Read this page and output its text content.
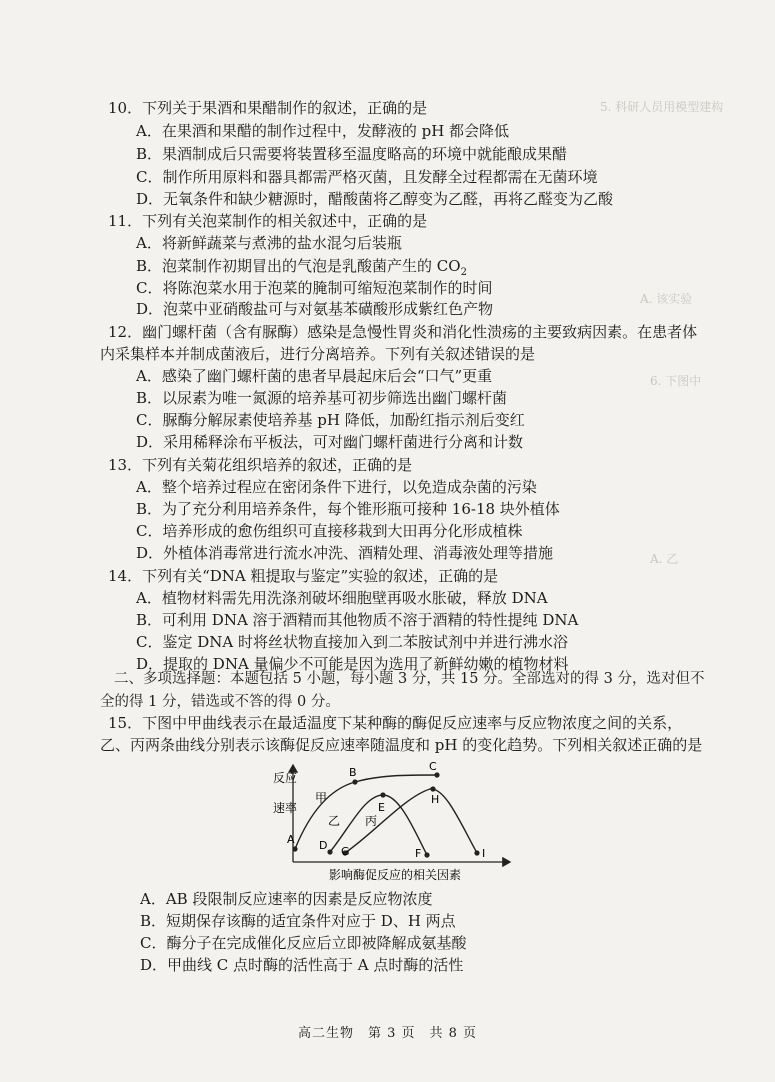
5. 科研人员用模型建构
A. 该实验
6. 下图中
A. 乙
10．下列关于果酒和果醋制作的叙述，正确的是
A．在果酒和果醋的制作过程中，发酵液的 pH 都会降低
B．果酒制成后只需要将装置移至温度略高的环境中就能酿成果醋
C．制作所用原料和器具都需严格灭菌，且发酵全过程都需在无菌环境
D．无氧条件和缺少糖源时，醋酸菌将乙醇变为乙醛，再将乙醛变为乙酸
11．下列有关泡菜制作的相关叙述中，正确的是
A．将新鲜蔬菜与煮沸的盐水混匀后装瓶
B．泡菜制作初期冒出的气泡是乳酸菌产生的 $CO_2$
C．将陈泡菜水用于泡菜的腌制可缩短泡菜制作的时间
D．泡菜中亚硝酸盐可与对氨基苯磺酸形成紫红色产物
12．幽门螺杆菌（含有脲酶）感染是急慢性胃炎和消化性溃疡的主要致病因素。在患者体内采集样本并制成菌液后，进行分离培养。下列有关叙述错误的是
A．感染了幽门螺杆菌的患者早晨起床后会“口气”更重
B．以尿素为唯一氮源的培养基可初步筛选出幽门螺杆菌
C．脲酶分解尿素使培养基 pH 降低，加酚红指示剂后变红
D．采用稀释涂布平板法，可对幽门螺杆菌进行分离和计数
13．下列有关菊花组织培养的叙述，正确的是
A．整个培养过程应在密闭条件下进行，以免造成杂菌的污染
B．为了充分利用培养条件，每个锥形瓶可接种 16-18 块外植体
C．培养形成的愈伤组织可直接移栽到大田再分化形成植株
D．外植体消毒常进行流水冲洗、酒精处理、消毒液处理等措施
14．下列有关“DNA 粗提取与鉴定”实验的叙述，正确的是
A．植物材料需先用洗涤剂破坏细胞壁再吸水胀破，释放 DNA
B．可利用 DNA 溶于酒精而其他物质不溶于酒精的特性提纯 DNA
C．鉴定 DNA 时将丝状物直接加入到二苯胺试剂中并进行沸水浴
D．提取的 DNA 量偏少不可能是因为选用了新鲜幼嫩的植物材料
二、多项选择题：本题包括 5 小题，每小题 3 分，共 15 分。全部选对的得 3 分，选对但不全的得 1 分，错选或不答的得 0 分。
15．下图中甲曲线表示在最适温度下某种酶的酶促反应速率与反应物浓度之间的关系，乙、丙两条曲线分别表示该酶促反应速率随温度和 pH 的变化趋势。下列相关叙述正确的是
反应
速率
甲
乙 丙
A
B	C
D
E
F
G
H
I
影响酶促反应的相关因素
A．AB 段限制反应速率的因素是反应物浓度
B．短期保存该酶的适宜条件对应于 D、H 两点
C．酶分子在完成催化反应后立即被降解成氨基酸
D．甲曲线 C 点时酶的活性高于 A 点时酶的活性
高二生物　第 3 页　共 8 页
